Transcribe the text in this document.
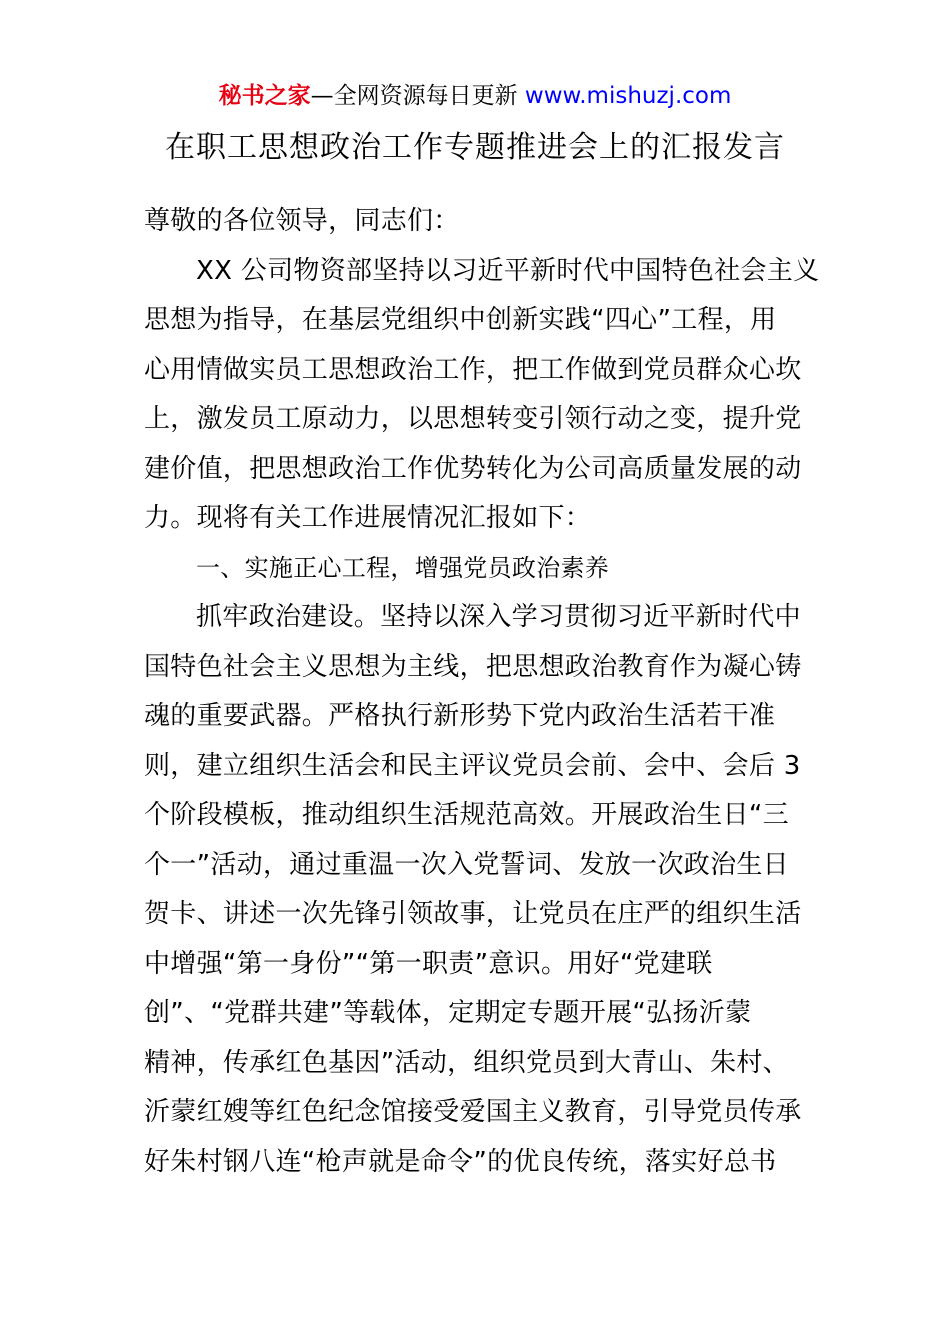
秘书之家—全网资源每日更新 www.mishuzj.com
在职工思想政治工作专题推进会上的汇报发言
尊敬的各位领导，同志们：
XX 公司物资部坚持以习近平新时代中国特色社会主义
思想为指导，在基层党组织中创新实践“四心”工程，用
心用情做实员工思想政治工作，把工作做到党员群众心坎
上，激发员工原动力，以思想转变引领行动之变，提升党
建价值，把思想政治工作优势转化为公司高质量发展的动
力。现将有关工作进展情况汇报如下：
一、实施正心工程，增强党员政治素养
抓牢政治建设。坚持以深入学习贯彻习近平新时代中
国特色社会主义思想为主线，把思想政治教育作为凝心铸
魂的重要武器。严格执行新形势下党内政治生活若干准
则，建立组织生活会和民主评议党员会前、会中、会后 3
个阶段模板，推动组织生活规范高效。开展政治生日“三
个一”活动，通过重温一次入党誓词、发放一次政治生日
贺卡、讲述一次先锋引领故事，让党员在庄严的组织生活
中增强“第一身份”“第一职责”意识。用好“党建联
创”、“党群共建”等载体，定期定专题开展“弘扬沂蒙
精神，传承红色基因”活动，组织党员到大青山、朱村、
沂蒙红嫂等红色纪念馆接受爱国主义教育，引导党员传承
好朱村钢八连“枪声就是命令”的优良传统，落实好总书
